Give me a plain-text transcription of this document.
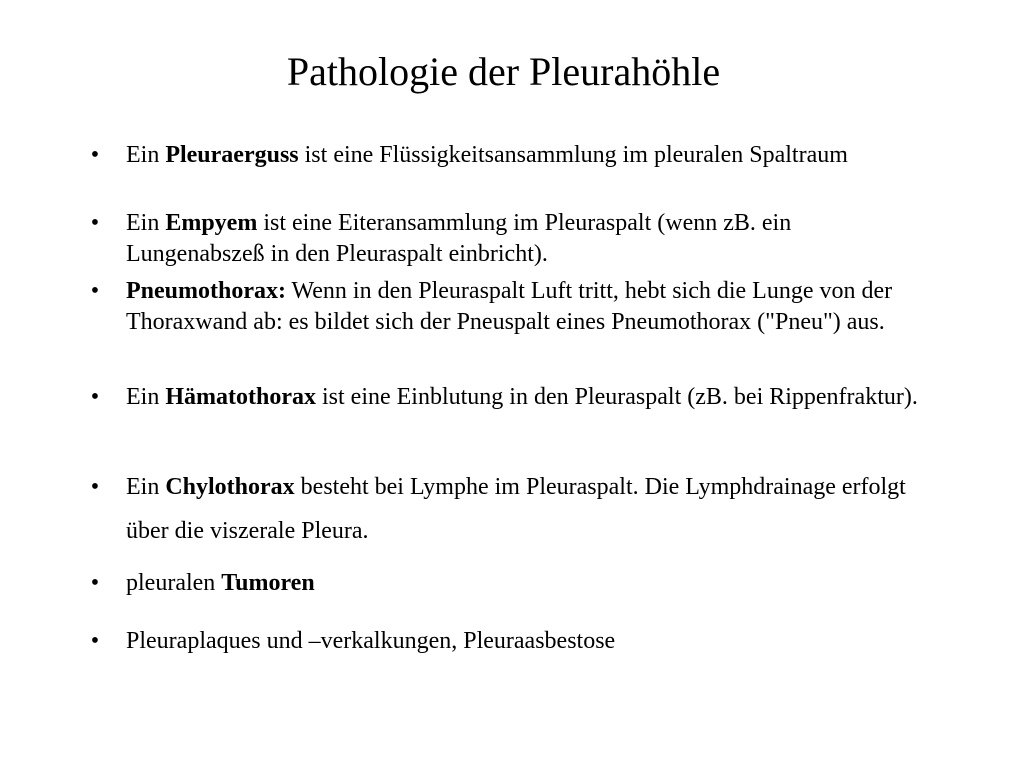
Pathologie der Pleurahöhle
• Ein Pleuraerguss ist eine Flüssigkeitsansammlung im pleuralen Spaltraum
• Ein Empyem ist eine Eiteransammlung im Pleuraspalt (wenn zB. ein Lungenabszeß in den Pleuraspalt einbricht).
• Pneumothorax: Wenn in den Pleuraspalt Luft tritt, hebt sich die Lunge von der Thoraxwand ab: es bildet sich der Pneuspalt eines Pneumothorax ("Pneu") aus.
• Ein Hämatothorax ist eine Einblutung in den Pleuraspalt (zB. bei Rippenfraktur).
• Ein Chylothorax besteht bei Lymphe im Pleuraspalt. Die Lymphdrainage erfolgt über die viszerale Pleura.
• pleuralen Tumoren
• Pleuraplaques und –verkalkungen, Pleuraasbestose
